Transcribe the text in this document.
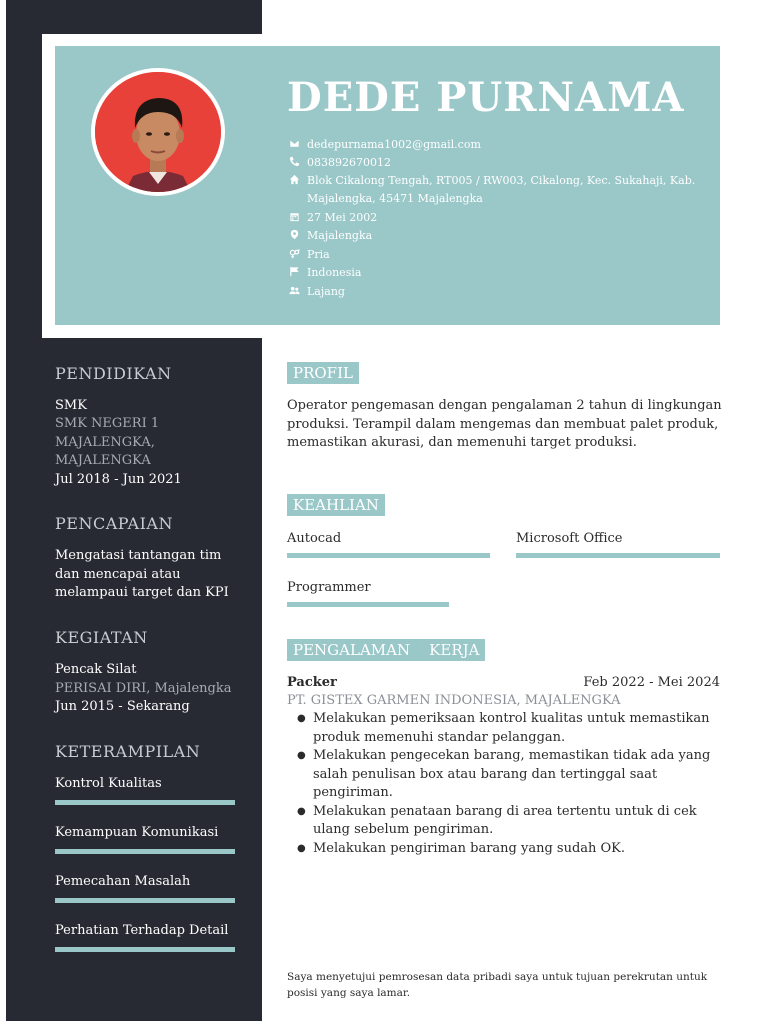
DEDE PURNAMA
dedepurnama1002@gmail.com
083892670012
Blok Cikalong Tengah, RT005 / RW003, Cikalong, Kec. Sukahaji, Kab. Majalengka, 45471 Majalengka
27 Mei 2002
Majalengka
Pria
Indonesia
Lajang
PENDIDIKAN
SMK
SMK NEGERI 1 MAJALENGKA, MAJALENGKA
Jul 2018 - Jun 2021
PENCAPAIAN
Mengatasi tantangan tim dan mencapai atau melampaui target dan KPI
KEGIATAN
Pencak Silat
PERISAI DIRI, Majalengka
Jun 2015 - Sekarang
KETERAMPILAN
Kontrol Kualitas
Kemampuan Komunikasi
Pemecahan Masalah
Perhatian Terhadap Detail
PROFIL
Operator pengemasan dengan pengalaman 2 tahun di lingkungan produksi. Terampil dalam mengemas dan membuat palet produk, memastikan akurasi, dan memenuhi target produksi.
KEAHLIAN
Autocad	Microsoft Office
Programmer
PENGALAMAN    KERJA
Packer	Feb 2022 - Mei 2024
PT. GISTEX GARMEN INDONESIA, MAJALENGKA
● Melakukan pemeriksaan kontrol kualitas untuk memastikan produk memenuhi standar pelanggan.
● Melakukan pengecekan barang, memastikan tidak ada yang salah penulisan box atau barang dan tertinggal saat pengiriman.
● Melakukan penataan barang di area tertentu untuk di cek ulang sebelum pengiriman.
● Melakukan pengiriman barang yang sudah OK.
Saya menyetujui pemrosesan data pribadi saya untuk tujuan perekrutan untuk posisi yang saya lamar.
